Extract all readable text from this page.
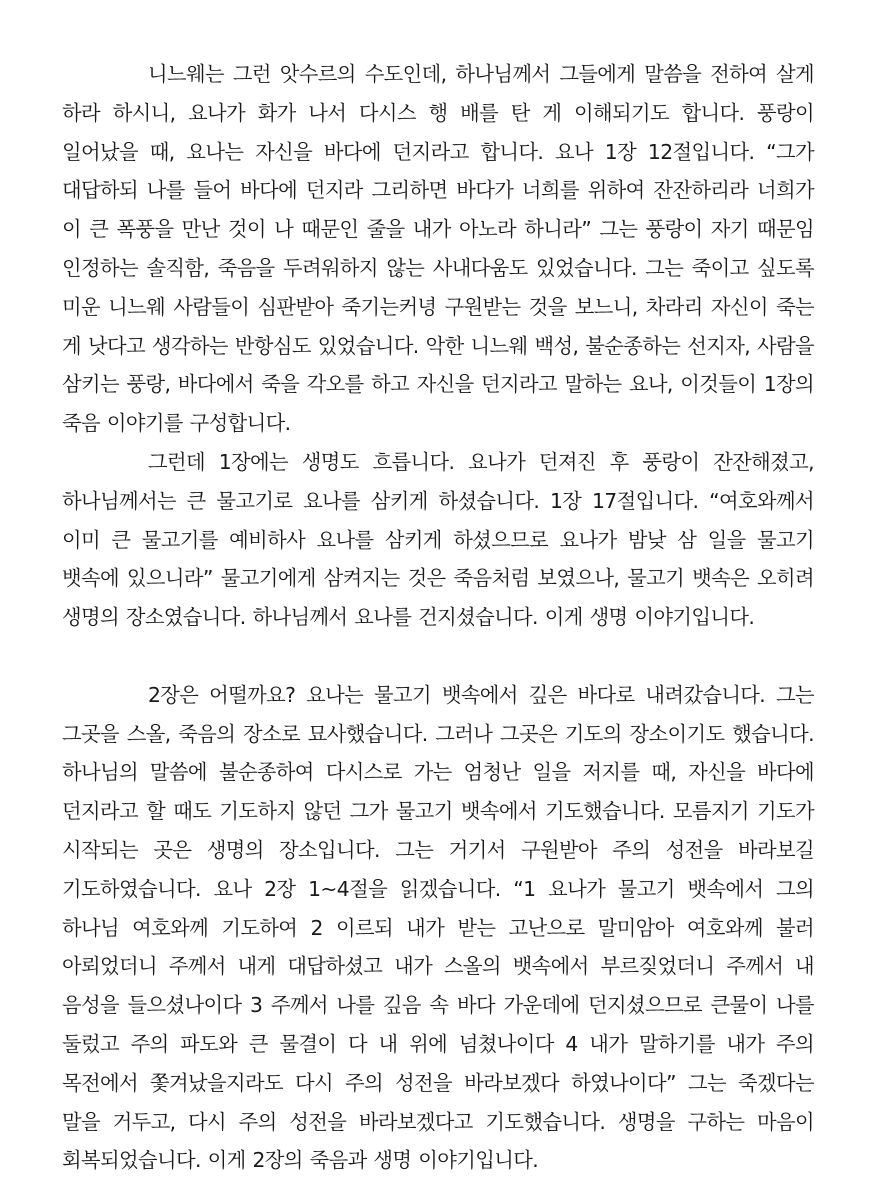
니느웨는 그런 앗수르의 수도인데, 하나님께서 그들에게 말씀을 전하여 살게 하라 하시니, 요나가 화가 나서 다시스 행 배를 탄 게 이해되기도 합니다. 풍랑이 일어났을 때, 요나는 자신을 바다에 던지라고 합니다. 요나 1장 12절입니다. “그가 대답하되 나를 들어 바다에 던지라 그리하면 바다가 너희를 위하여 잔잔하리라 너희가 이 큰 폭풍을 만난 것이 나 때문인 줄을 내가 아노라 하니라” 그는 풍랑이 자기 때문임 인정하는 솔직함, 죽음을 두려워하지 않는 사내다움도 있었습니다. 그는 죽이고 싶도록 미운 니느웨 사람들이 심판받아 죽기는커녕 구원받는 것을 보느니, 차라리 자신이 죽는 게 낫다고 생각하는 반항심도 있었습니다. 악한 니느웨 백성, 불순종하는 선지자, 사람을 삼키는 풍랑, 바다에서 죽을 각오를 하고 자신을 던지라고 말하는 요나, 이것들이 1장의 죽음 이야기를 구성합니다.

그런데 1장에는 생명도 흐릅니다. 요나가 던져진 후 풍랑이 잔잔해졌고, 하나님께서는 큰 물고기로 요나를 삼키게 하셨습니다. 1장 17절입니다. “여호와께서 이미 큰 물고기를 예비하사 요나를 삼키게 하셨으므로 요나가 밤낮 삼 일을 물고기 뱃속에 있으니라” 물고기에게 삼켜지는 것은 죽음처럼 보였으나, 물고기 뱃속은 오히려 생명의 장소였습니다. 하나님께서 요나를 건지셨습니다. 이게 생명 이야기입니다.

2장은 어떨까요? 요나는 물고기 뱃속에서 깊은 바다로 내려갔습니다. 그는 그곳을 스올, 죽음의 장소로 묘사했습니다. 그러나 그곳은 기도의 장소이기도 했습니다. 하나님의 말씀에 불순종하여 다시스로 가는 엄청난 일을 저지를 때, 자신을 바다에 던지라고 할 때도 기도하지 않던 그가 물고기 뱃속에서 기도했습니다. 모름지기 기도가 시작되는 곳은 생명의 장소입니다. 그는 거기서 구원받아 주의 성전을 바라보길 기도하였습니다. 요나 2장 1~4절을 읽겠습니다. “1 요나가 물고기 뱃속에서 그의 하나님 여호와께 기도하여 2 이르되 내가 받는 고난으로 말미암아 여호와께 불러 아뢰었더니 주께서 내게 대답하셨고 내가 스올의 뱃속에서 부르짖었더니 주께서 내 음성을 들으셨나이다 3 주께서 나를 깊음 속 바다 가운데에 던지셨으므로 큰물이 나를 둘렀고 주의 파도와 큰 물결이 다 내 위에 넘쳤나이다 4 내가 말하기를 내가 주의 목전에서 쫓겨났을지라도 다시 주의 성전을 바라보겠다 하였나이다” 그는 죽겠다는 말을 거두고, 다시 주의 성전을 바라보겠다고 기도했습니다. 생명을 구하는 마음이 회복되었습니다. 이게 2장의 죽음과 생명 이야기입니다.
